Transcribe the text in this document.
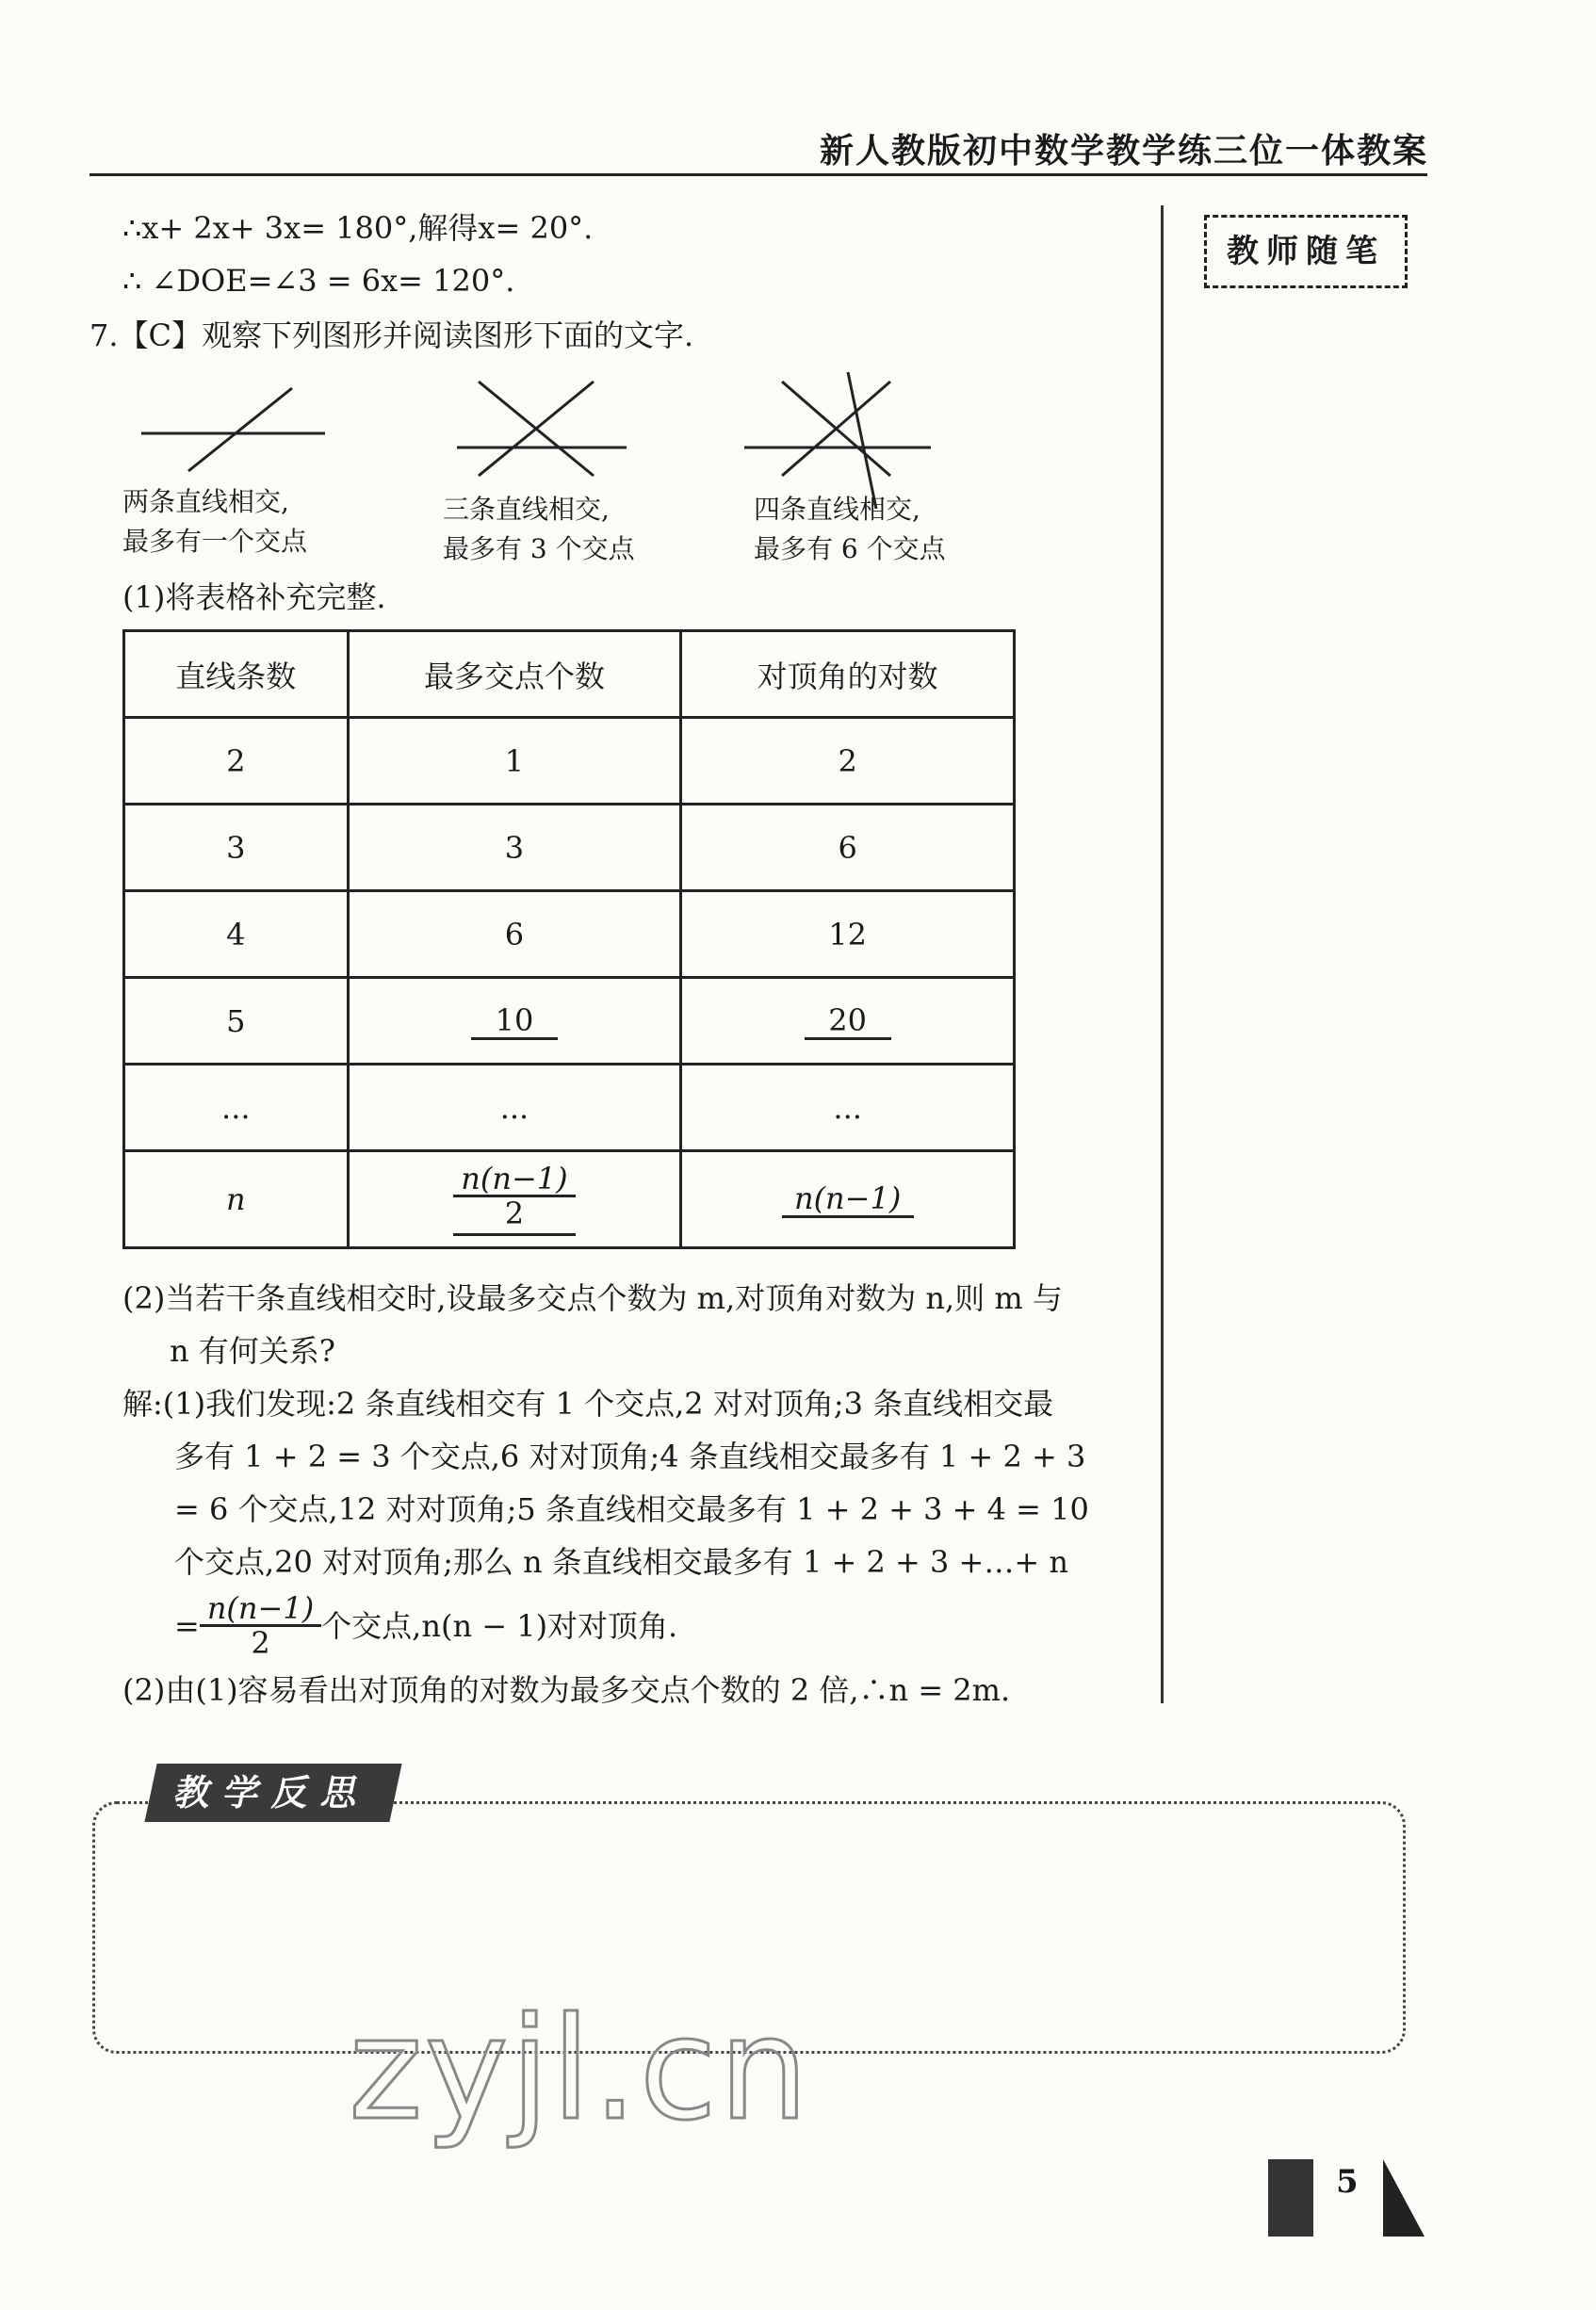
新人教版初中数学教学练三位一体教案
教师随笔
∴x+ 2x+ 3x= 180°,解得x= 20°.
∴ ∠DOE=∠3 = 6x= 120°.
7.【C】观察下列图形并阅读图形下面的文字.
两条直线相交,
最多有一个交点
三条直线相交,
最多有 3 个交点
四条直线相交,
最多有 6 个交点
(1)将表格补充完整.
直线条数	最多交点个数	对顶角的对数
2	1	2
3	3	6
4	6	12
5	10	20
...	...	...
n	$\frac{n(n-1)}{2}$	n(n−1)
(2)当若干条直线相交时,设最多交点个数为 m,对顶角对数为 n,则 m 与
n 有何关系?
解:(1)我们发现:2 条直线相交有 1 个交点,2 对对顶角;3 条直线相交最
多有 1 + 2 = 3 个交点,6 对对顶角;4 条直线相交最多有 1 + 2 + 3
= 6 个交点,12 对对顶角;5 条直线相交最多有 1 + 2 + 3 + 4 = 10
个交点,20 对对顶角;那么 n 条直线相交最多有 1 + 2 + 3 +…+ n
= $\frac{n(n-1)}{2}$ 个交点,n(n − 1)对对顶角.
(2)由(1)容易看出对顶角的对数为最多交点个数的 2 倍,∴n = 2m.
教学反思
zyjl.cn
5
